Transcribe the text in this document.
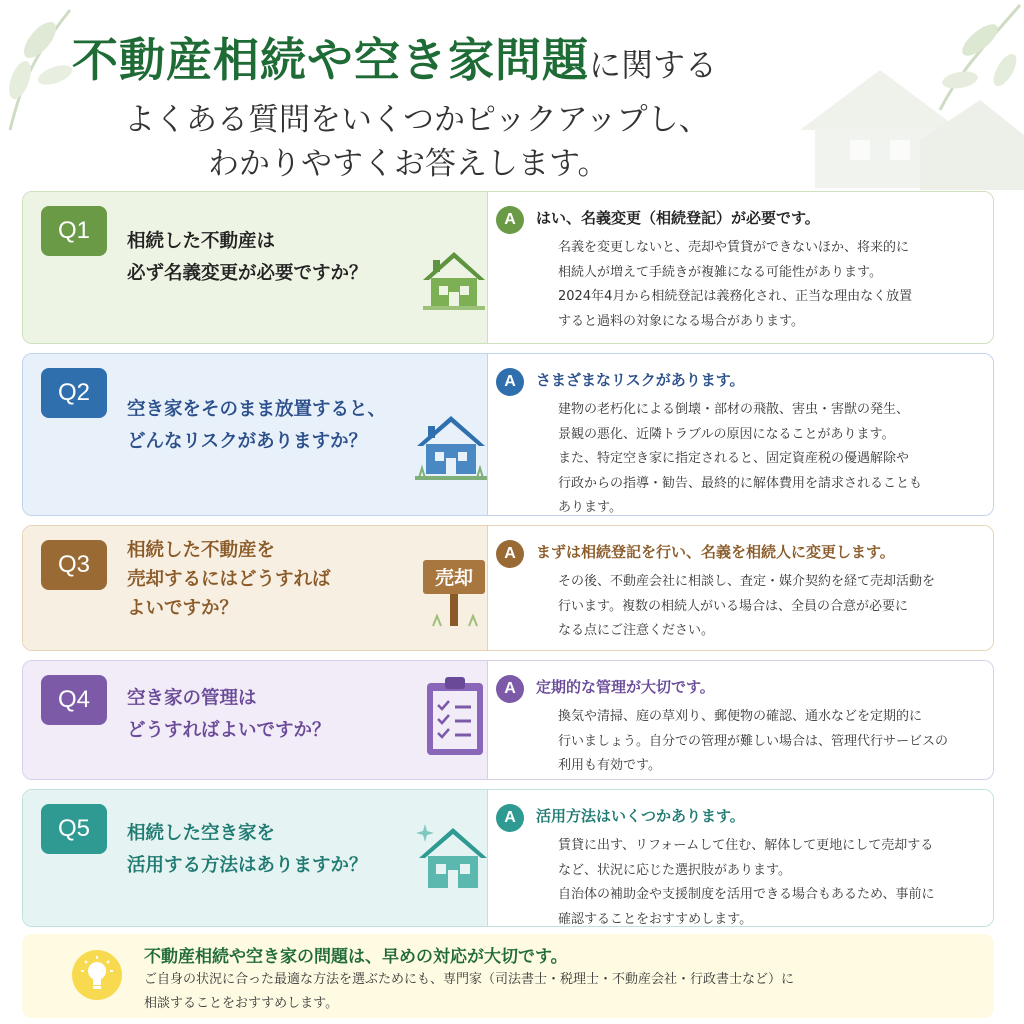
不動産相続や空き家問題に関する
よくある質問をいくつかピックアップし、
わかりやすくお答えします。
Q1	相続した不動産は
必ず名義変更が必要ですか？
A	はい、名義変更（相続登記）が必要です。
名義を変更しないと、売却や賃貸ができないほか、将来的に
相続人が増えて手続きが複雑になる可能性があります。
2024年4月から相続登記は義務化され、正当な理由なく放置
すると過料の対象になる場合があります。
Q2
空き家をそのまま放置すると、
どんなリスクがありますか？
A	さまざまなリスクがあります。
建物の老朽化による倒壊・部材の飛散、害虫・害獣の発生、
景観の悪化、近隣トラブルの原因になることがあります。
また、特定空き家に指定されると、固定資産税の優遇解除や
行政からの指導・勧告、最終的に解体費用を請求されることも
あります。
Q3
相続した不動産を
売却するにはどうすれば
よいですか？
売却
A	まずは相続登記を行い、名義を相続人に変更します。
その後、不動産会社に相談し、査定・媒介契約を経て売却活動を
行います。複数の相続人がいる場合は、全員の合意が必要に
なる点にご注意ください。
Q4	空き家の管理は
どうすればよいですか？
A	定期的な管理が大切です。
換気や清掃、庭の草刈り、郵便物の確認、通水などを定期的に
行いましょう。自分での管理が難しい場合は、管理代行サービスの
利用も有効です。
Q5	相続した空き家を
活用する方法はありますか？
A	活用方法はいくつかあります。
賃貸に出す、リフォームして住む、解体して更地にして売却する
など、状況に応じた選択肢があります。
自治体の補助金や支援制度を活用できる場合もあるため、事前に
確認することをおすすめします。
不動産相続や空き家の問題は、早めの対応が大切です。
ご自身の状況に合った最適な方法を選ぶためにも、専門家（司法書士・税理士・不動産会社・行政書士など）に
相談することをおすすめします。
